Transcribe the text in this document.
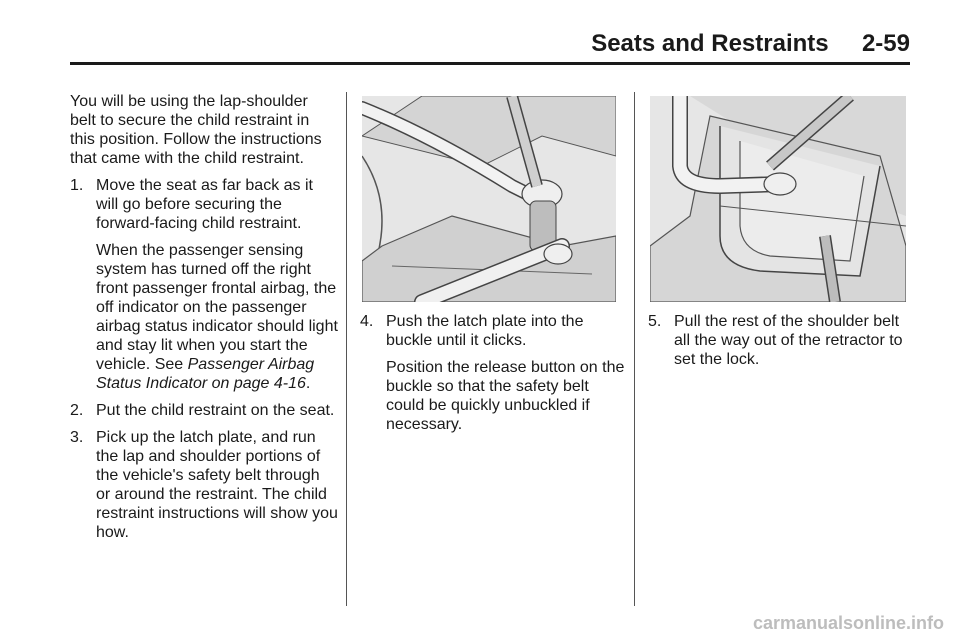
Seats and Restraints 2-59

You will be using the lap-shoulder belt to secure the child restraint in this position. Follow the instructions that came with the child restraint.

1. Move the seat as far back as it will go before securing the forward-facing child restraint.

When the passenger sensing system has turned off the right front passenger frontal airbag, the off indicator on the passenger airbag status indicator should light and stay lit when you start the vehicle. See Passenger Airbag Status Indicator on page 4-16.

2. Put the child restraint on the seat.

3. Pick up the latch plate, and run the lap and shoulder portions of the vehicle's safety belt through or around the restraint. The child restraint instructions will show you how.

4. Push the latch plate into the buckle until it clicks.

Position the release button on the buckle so that the safety belt could be quickly unbuckled if necessary.

5. Pull the rest of the shoulder belt all the way out of the retractor to set the lock.

carmanualsonline.info
